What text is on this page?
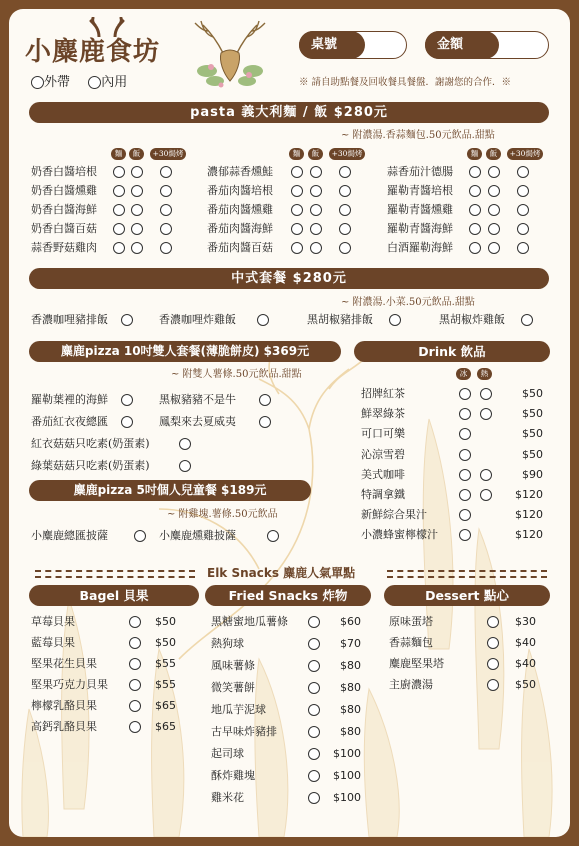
小麋鹿食坊
外帶 內用
桌號	金額
※ 請自助點餐及回收餐具餐盤．謝謝您的合作．※
pasta 義大利麵 / 飯 $280元
~ 附濃湯.香蒜麵包.50元飲品.甜點
中式套餐 $280元
~ 附濃湯.小菜.50元飲品.甜點
麋鹿pizza 10吋雙人套餐(薄脆餅皮) $369元
~ 附雙人薯條.50元飲品.甜點
麋鹿pizza 5吋個人兒童餐 $189元
~ 附雞塊.薯條.50元飲品
Drink 飲品
冰	熱
Elk Snacks 麋鹿人氣單點
Bagel 貝果	Fried Snacks 炸物	Dessert 點心
麵	飯	+30焗烤
奶香白醬培根
奶香白醬燻雞
奶香白醬海鮮
奶香白醬百菇
蒜香野菇雞肉
麵	飯	+30焗烤
濃郁蒜香燻鮭
番茄肉醬培根
番茄肉醬燻雞
番茄肉醬海鮮
番茄肉醬百菇
麵	飯	+30焗烤
蒜香茄汁德腸
羅勒青醬培根
羅勒青醬燻雞
羅勒青醬海鮮
白酒羅勒海鮮
香濃咖哩豬排飯	香濃咖哩炸雞飯	黑胡椒豬排飯	黑胡椒炸雞飯
羅勒葉裡的海鮮	黑椒豬豬不是牛
番茄紅衣夜總匯	鳳梨來去夏威夷
紅衣菇菇只吃素(奶蛋素)
綠葉菇菇只吃素(奶蛋素)
小麋鹿總匯披薩	小麋鹿燻雞披薩
招牌紅茶	$50
鮮翠綠茶	$50
可口可樂	$50
沁涼雪碧	$50
美式咖啡	$90
特調拿鐵	$120
新鮮綜合果汁	$120
小濃蜂蜜檸檬汁	$120
草莓貝果	$50
藍莓貝果	$50
堅果花生貝果	$55
堅果巧克力貝果	$55
檸檬乳酪貝果	$65
高鈣乳酪貝果	$65
黑糖蜜地瓜薯條	$60
熱狗球	$70
風味薯條	$80
微笑薯餅	$80
地瓜芋泥球	$80
古早味炸豬排	$80
起司球	$100
酥炸雞塊	$100
雞米花	$100
原味蛋塔	$30
香蒜麵包	$40
麋鹿堅果塔	$40
主廚濃湯	$50
